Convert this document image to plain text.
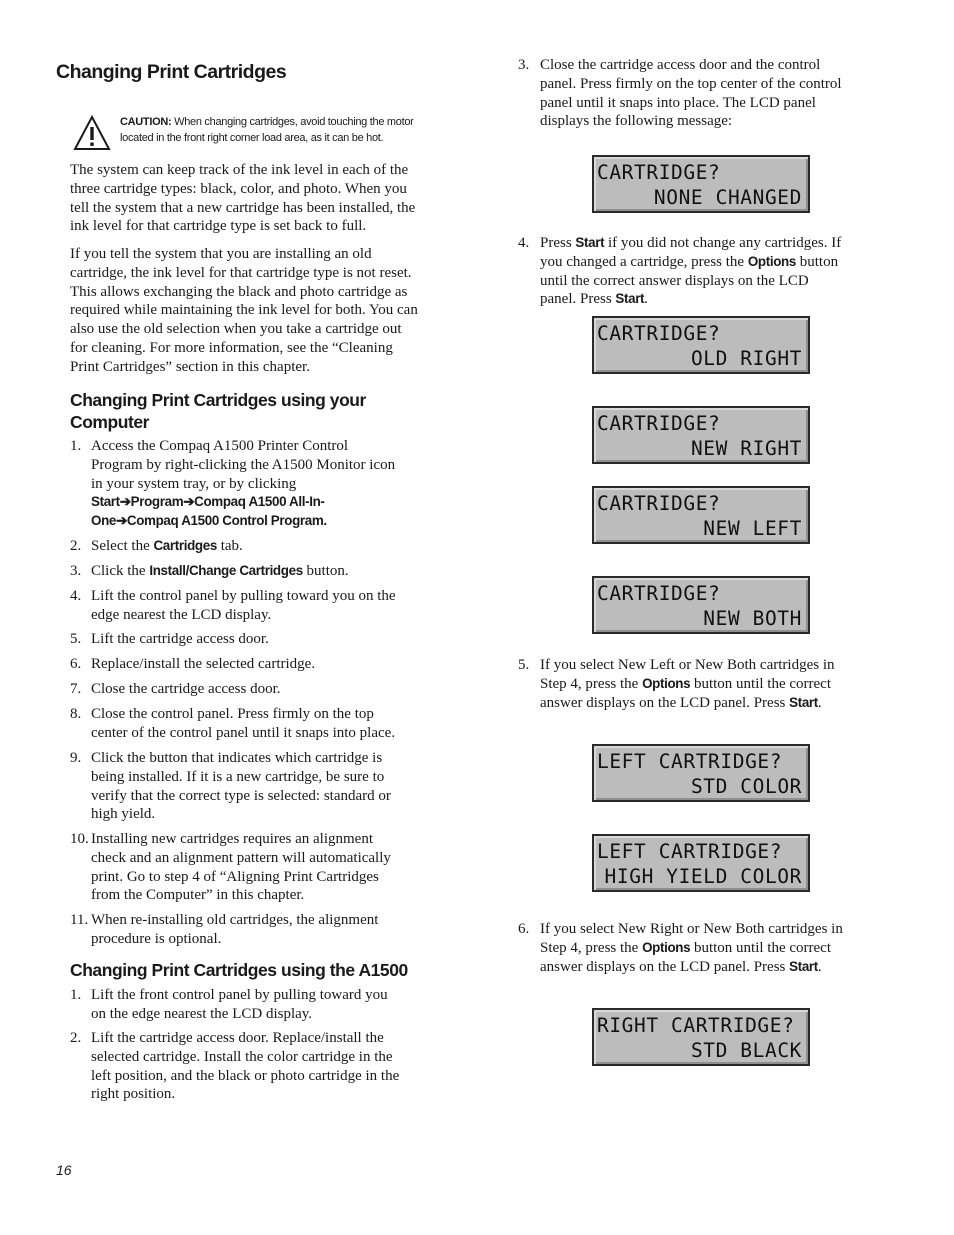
Changing Print Cartridges
CAUTION: When changing cartridges, avoid touching the motor
located in the front right corner load area, as it can be hot.
The system can keep track of the ink level in each of the
three cartridge types: black, color, and photo. When you
tell the system that a new cartridge has been installed, the
ink level for that cartridge type is set back to full.
If you tell the system that you are installing an old
cartridge, the ink level for that cartridge type is not reset.
This allows exchanging the black and photo cartridge as
required while maintaining the ink level for both. You can
also use the old selection when you take a cartridge out
for cleaning. For more information, see the “Cleaning
Print Cartridges” section in this chapter.
Changing Print Cartridges using your
Computer
1. Access the Compaq A1500 Printer Control
Program by right-clicking the A1500 Monitor icon
in your system tray, or by clicking
Start➔Program➔Compaq A1500 All-In-
One➔Compaq A1500 Control Program.
2. Select the Cartridges tab.
3. Click the Install/Change Cartridges button.
4. Lift the control panel by pulling toward you on the
edge nearest the LCD display.
5. Lift the cartridge access door.
6. Replace/install the selected cartridge.
7. Close the cartridge access door.
8. Close the control panel. Press firmly on the top
center of the control panel until it snaps into place.
9. Click the button that indicates which cartridge is
being installed. If it is a new cartridge, be sure to
verify that the correct type is selected: standard or
high yield.
10. Installing new cartridges requires an alignment
check and an alignment pattern will automatically
print. Go to step 4 of “Aligning Print Cartridges
from the Computer” in this chapter.
11. When re-installing old cartridges, the alignment
procedure is optional.
Changing Print Cartridges using the A1500
1. Lift the front control panel by pulling toward you
on the edge nearest the LCD display.
2. Lift the cartridge access door. Replace/install the
selected cartridge. Install the color cartridge in the
left position, and the black or photo cartridge in the
right position.
3. Close the cartridge access door and the control
panel. Press firmly on the top center of the control
panel until it snaps into place. The LCD panel
displays the following message:
4. Press Start if you did not change any cartridges. If
you changed a cartridge, press the Options button
until the correct answer displays on the LCD
panel. Press Start.
5. If you select New Left or New Both cartridges in
Step 4, press the Options button until the correct
answer displays on the LCD panel. Press Start.
6. If you select New Right or New Both cartridges in
Step 4, press the Options button until the correct
answer displays on the LCD panel. Press Start.
CARTRIDGE?
NONE CHANGED
CARTRIDGE?
OLD RIGHT
CARTRIDGE?
NEW RIGHT
CARTRIDGE?
NEW LEFT
CARTRIDGE?
NEW BOTH
LEFT CARTRIDGE?
STD COLOR
LEFT CARTRIDGE?
HIGH YIELD COLOR
RIGHT CARTRIDGE?
STD BLACK
16
